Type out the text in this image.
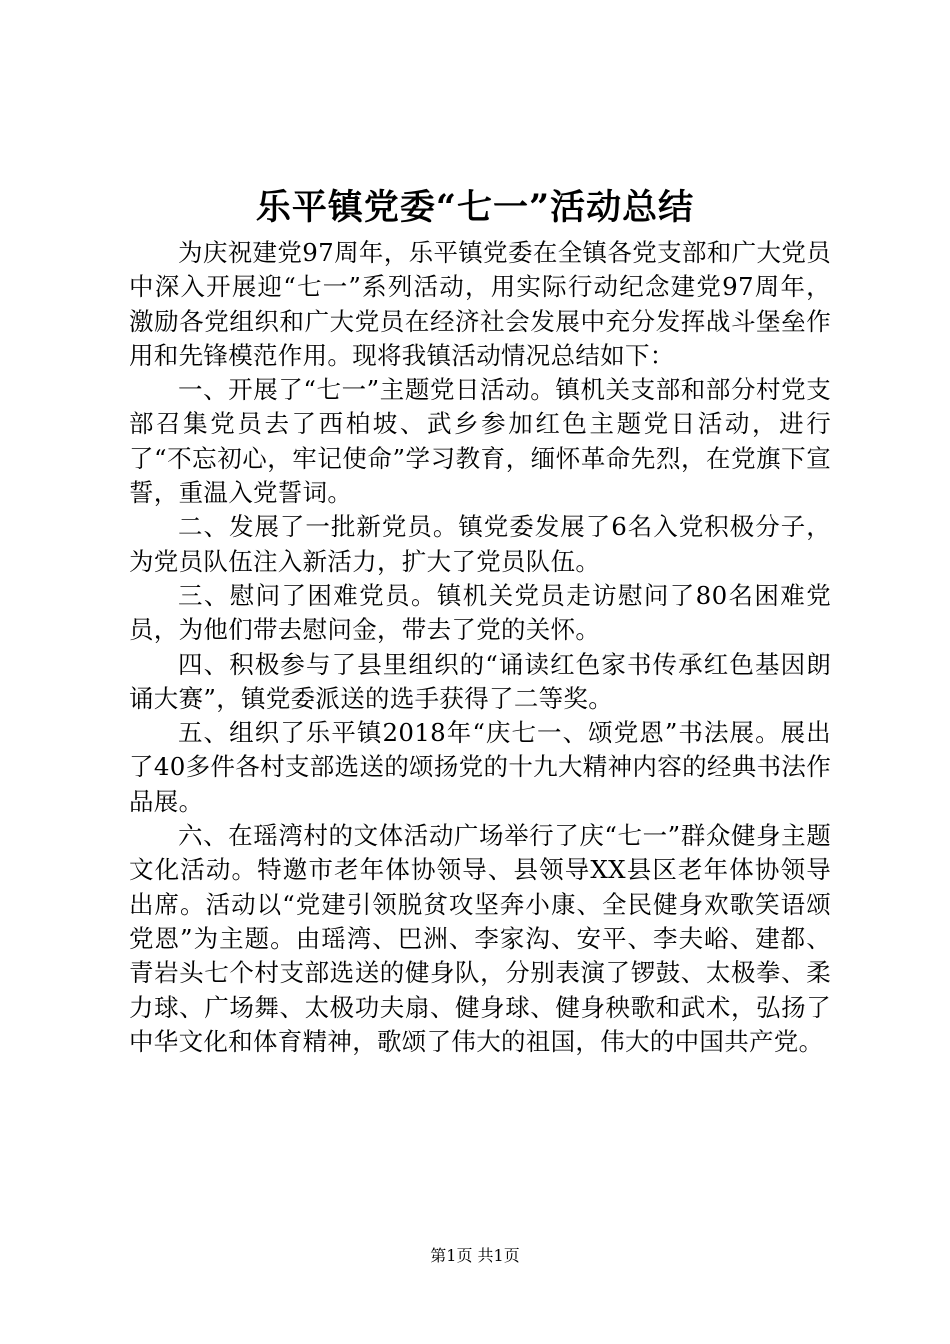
乐平镇党委“七一”活动总结

为庆祝建党97周年，乐平镇党委在全镇各党支部和广大党员中深入开展迎“七一”系列活动，用实际行动纪念建党97周年，激励各党组织和广大党员在经济社会发展中充分发挥战斗堡垒作用和先锋模范作用。现将我镇活动情况总结如下：

一、开展了“七一”主题党日活动。镇机关支部和部分村党支部召集党员去了西柏坡、武乡参加红色主题党日活动，进行了“不忘初心，牢记使命”学习教育，缅怀革命先烈，在党旗下宣誓，重温入党誓词。

二、发展了一批新党员。镇党委发展了6名入党积极分子，为党员队伍注入新活力，扩大了党员队伍。

三、慰问了困难党员。镇机关党员走访慰问了80名困难党员，为他们带去慰问金，带去了党的关怀。

四、积极参与了县里组织的“诵读红色家书传承红色基因朗诵大赛”，镇党委派送的选手获得了二等奖。

五、组织了乐平镇2018年“庆七一、颂党恩”书法展。展出了40多件各村支部选送的颂扬党的十九大精神内容的经典书法作品展。

六、在瑶湾村的文体活动广场举行了庆“七一”群众健身主题文化活动。特邀市老年体协领导、县领导XX县区老年体协领导出席。活动以“党建引领脱贫攻坚奔小康、全民健身欢歌笑语颂党恩”为主题。由瑶湾、巴洲、李家沟、安平、李夫峪、建都、青岩头七个村支部选送的健身队，分别表演了锣鼓、太极拳、柔力球、广场舞、太极功夫扇、健身球、健身秧歌和武术，弘扬了中华文化和体育精神，歌颂了伟大的祖国，伟大的中国共产党。

第1页 共1页
